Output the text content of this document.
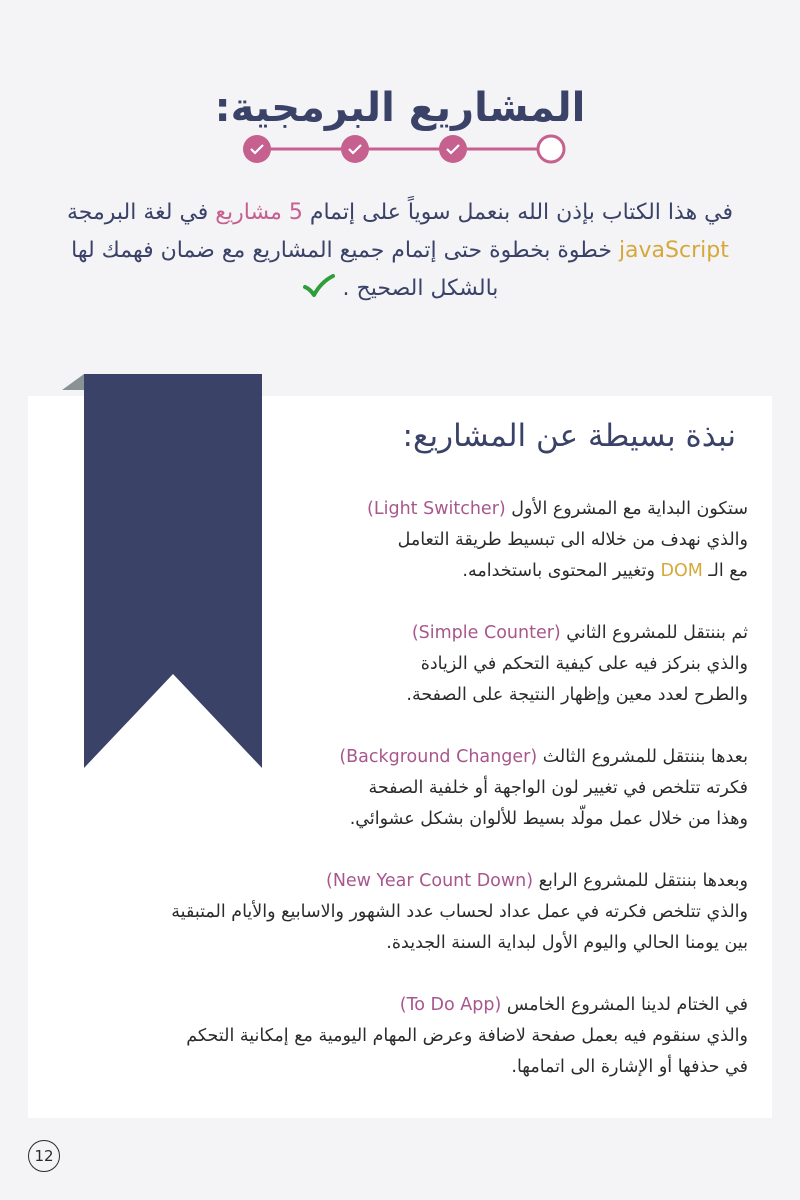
المشاريع البرمجية:
في هذا الكتاب بإذن الله بنعمل سوياً على إتمام 5 مشاريع في لغة البرمجة javaScript خطوة بخطوة حتى إتمام جميع المشاريع مع ضمان فهمك لها بالشكل الصحيح .
نبذة بسيطة عن المشاريع:

ستكون البداية مع المشروع الأول (Light Switcher)
والذي نهدف من خلاله الى تبسيط طريقة التعامل
مع الـ DOM وتغيير المحتوى باستخدامه.

ثم بننتقل للمشروع الثاني (Simple Counter)
والذي بنركز فيه على كيفية التحكم في الزيادة
والطرح لعدد معين وإظهار النتيجة على الصفحة.

بعدها بننتقل للمشروع الثالث (Background Changer)
فكرته تتلخص في تغيير لون الواجهة أو خلفية الصفحة
وهذا من خلال عمل مولّد بسيط للألوان بشكل عشوائي.

وبعدها بننتقل للمشروع الرابع (New Year Count Down)
والذي تتلخص فكرته في عمل عداد لحساب عدد الشهور والاسابيع والأيام المتبقية
بين يومنا الحالي واليوم الأول لبداية السنة الجديدة.

في الختام لدينا المشروع الخامس (To Do App)
والذي سنقوم فيه بعمل صفحة لاضافة وعرض المهام اليومية مع إمكانية التحكم
في حذفها أو الإشارة الى اتمامها.

12
